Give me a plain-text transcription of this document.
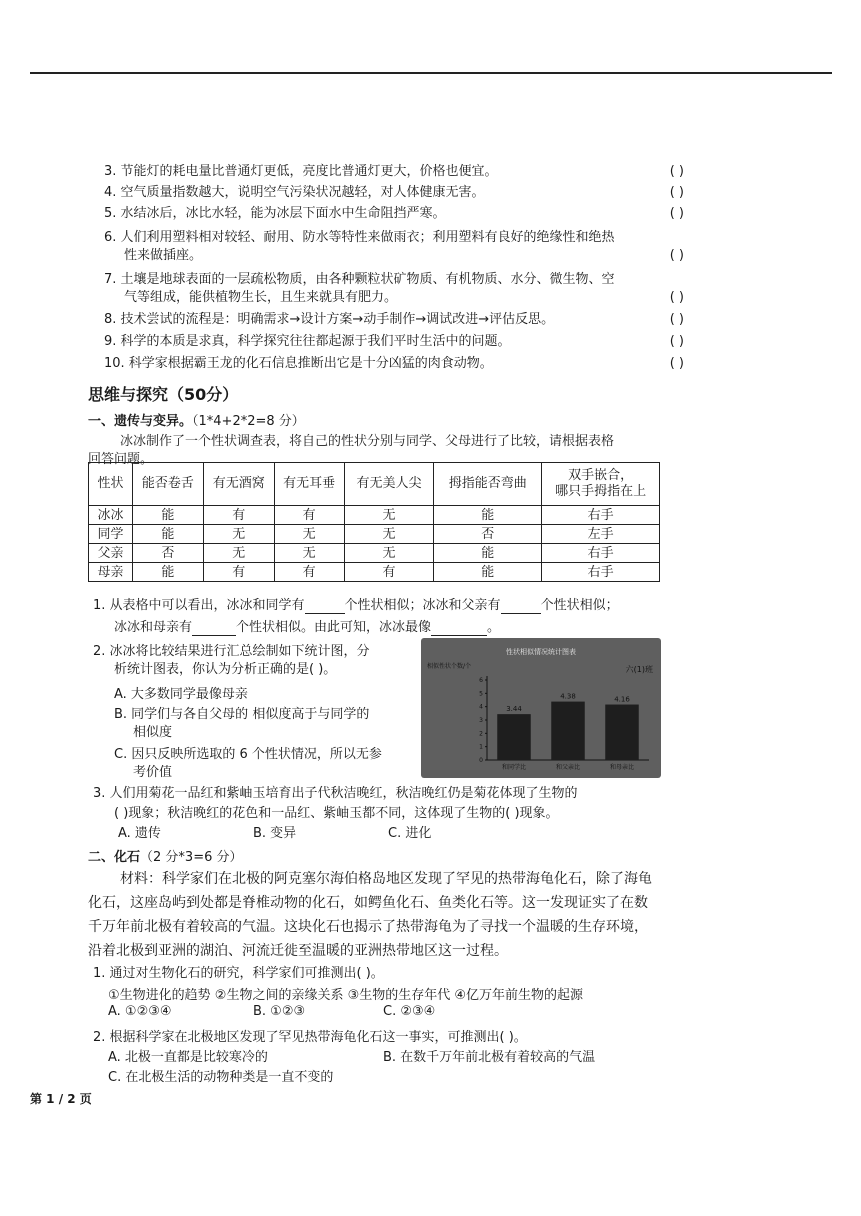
3. 节能灯的耗电量比普通灯更低，亮度比普通灯更大，价格也便宜。	( )
4. 空气质量指数越大，说明空气污染状况越轻，对人体健康无害。	( )
5. 水结冰后，冰比水轻，能为冰层下面水中生命阻挡严寒。	( )
6. 人们利用塑料相对较轻、耐用、防水等特性来做雨衣；利用塑料有良好的绝缘性和绝热
性来做插座。	( )
7. 土壤是地球表面的一层疏松物质，由各种颗粒状矿物质、有机物质、水分、微生物、空
气等组成，能供植物生长，且生来就具有肥力。	( )
8. 技术尝试的流程是：明确需求→设计方案→动手制作→调试改进→评估反思。	( )
9. 科学的本质是求真，科学探究往往都起源于我们平时生活中的问题。	( )
10. 科学家根据霸王龙的化石信息推断出它是十分凶猛的肉食动物。	( )
思维与探究（50分）
一、遗传与变异。（1*4+2*2=8 分）
冰冰制作了一个性状调查表，将自己的性状分别与同学、父母进行了比较，请根据表格
回答问题。
性状	能否卷舌	有无酒窝	有无耳垂	有无美人尖	拇指能否弯曲	双手嵌合，
哪只手拇指在上
冰冰	能	有	有	无	能	右手
同学	能	无	无	无	否	左手
父亲	否	无	无	无	能	右手
母亲	能	有	有	有	能	右手
1. 从表格中可以看出，冰冰和同学有	个性状相似；冰冰和父亲有	个性状相似；
冰冰和母亲有	个性状相似。由此可知，冰冰最像	。
2. 冰冰将比较结果进行汇总绘制如下统计图，分
析统计图表，你认为分析正确的是( )。
A. 大多数同学最像母亲
B. 同学们与各自父母的 相似度高于与同学的
相似度
C. 因只反映所选取的 6 个性状情况，所以无参
考价值
性状相似情况统计图表
六(1)班
相似性状个数/个
0
1
2
3
4
5
6
3.44
和同学比
4.38
和父亲比
4.16
和母亲比
3. 人们用菊花一品红和紫岫玉培育出子代秋洁晚红，秋洁晚红仍是菊花体现了生物的
( )现象；秋洁晚红的花色和一品红、紫岫玉都不同，这体现了生物的( )现象。
A. 遗传	B. 变异	C. 进化
二、化石（2 分*3=6 分）
材料：科学家们在北极的阿克塞尔海伯格岛地区发现了罕见的热带海龟化石，除了海龟
化石，这座岛屿到处都是脊椎动物的化石，如鳄鱼化石、鱼类化石等。这一发现证实了在数
千万年前北极有着较高的气温。这块化石也揭示了热带海龟为了寻找一个温暖的生存环境，
沿着北极到亚洲的湖泊、河流迁徙至温暖的亚洲热带地区这一过程。
1. 通过对生物化石的研究，科学家们可推测出( )。
①生物进化的趋势 ②生物之间的亲缘关系 ③生物的生存年代 ④亿万年前生物的起源
A. ①②③④	B. ①②③	C. ②③④
2. 根据科学家在北极地区发现了罕见热带海龟化石这一事实，可推测出( )。
A. 北极一直都是比较寒冷的	B. 在数千万年前北极有着较高的气温
C. 在北极生活的动物种类是一直不变的
第 1 / 2 页
